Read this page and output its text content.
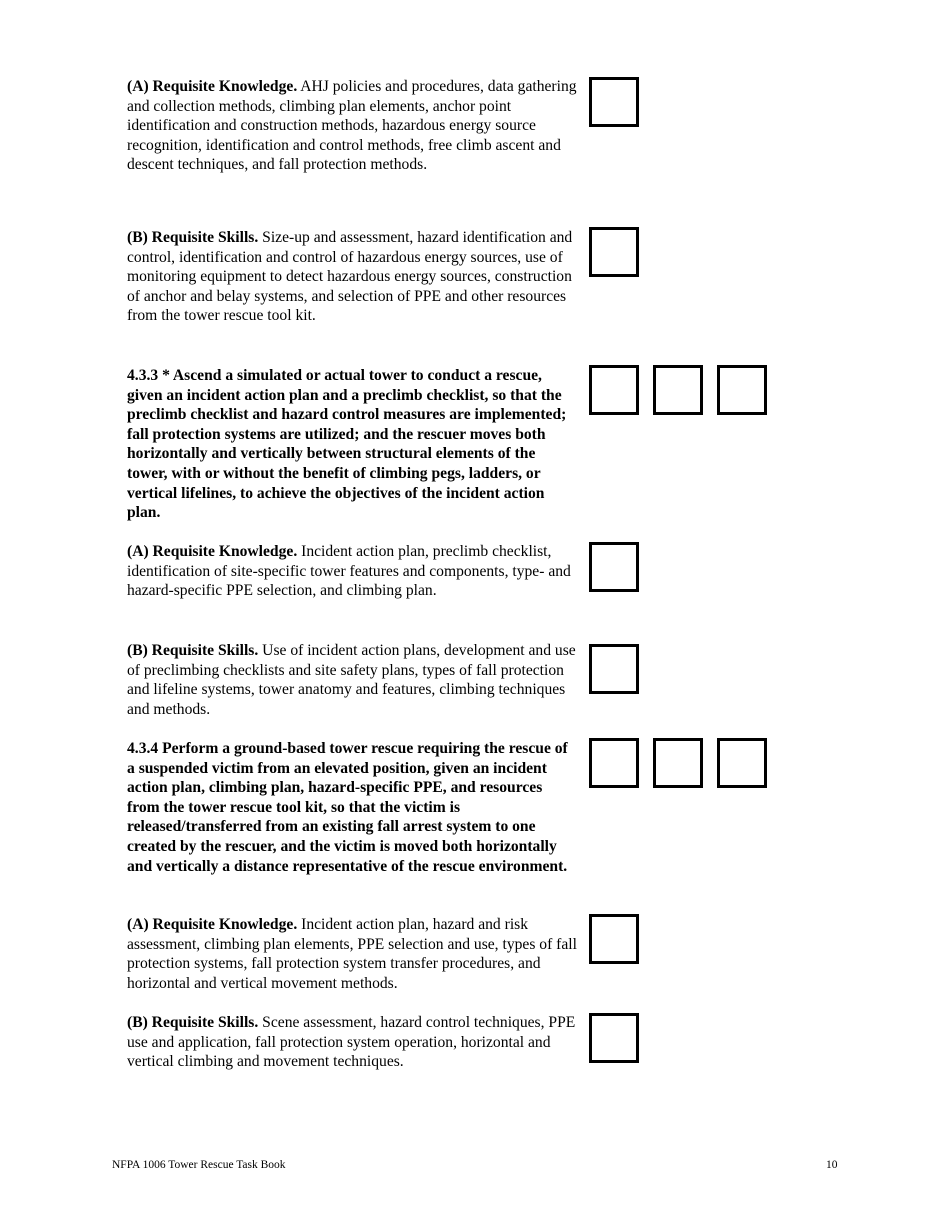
(A) Requisite Knowledge. AHJ policies and procedures, data gathering and collection methods, climbing plan elements, anchor point identification and construction methods, hazardous energy source recognition, identification and control methods, free climb ascent and descent techniques, and fall protection methods.
(B) Requisite Skills. Size-up and assessment, hazard identification and control, identification and control of hazardous energy sources, use of monitoring equipment to detect hazardous energy sources, construction of anchor and belay systems, and selection of PPE and other resources from the tower rescue tool kit.
4.3.3 * Ascend a simulated or actual tower to conduct a rescue, given an incident action plan and a preclimb checklist, so that the preclimb checklist and hazard control measures are implemented; fall protection systems are utilized; and the rescuer moves both horizontally and vertically between structural elements of the tower, with or without the benefit of climbing pegs, ladders, or vertical lifelines, to achieve the objectives of the incident action plan.
(A) Requisite Knowledge. Incident action plan, preclimb checklist, identification of site-specific tower features and components, type- and hazard-specific PPE selection, and climbing plan.
(B) Requisite Skills. Use of incident action plans, development and use of preclimbing checklists and site safety plans, types of fall protection and lifeline systems, tower anatomy and features, climbing techniques and methods.
4.3.4 Perform a ground-based tower rescue requiring the rescue of a suspended victim from an elevated position, given an incident action plan, climbing plan, hazard-specific PPE, and resources from the tower rescue tool kit, so that the victim is released/transferred from an existing fall arrest system to one created by the rescuer, and the victim is moved both horizontally and vertically a distance representative of the rescue environment.
(A) Requisite Knowledge. Incident action plan, hazard and risk assessment, climbing plan elements, PPE selection and use, types of fall protection systems, fall protection system transfer procedures, and horizontal and vertical movement methods.
(B) Requisite Skills. Scene assessment, hazard control techniques, PPE use and application, fall protection system operation, horizontal and vertical climbing and movement techniques.
NFPA 1006 Tower Rescue Task Book	10
